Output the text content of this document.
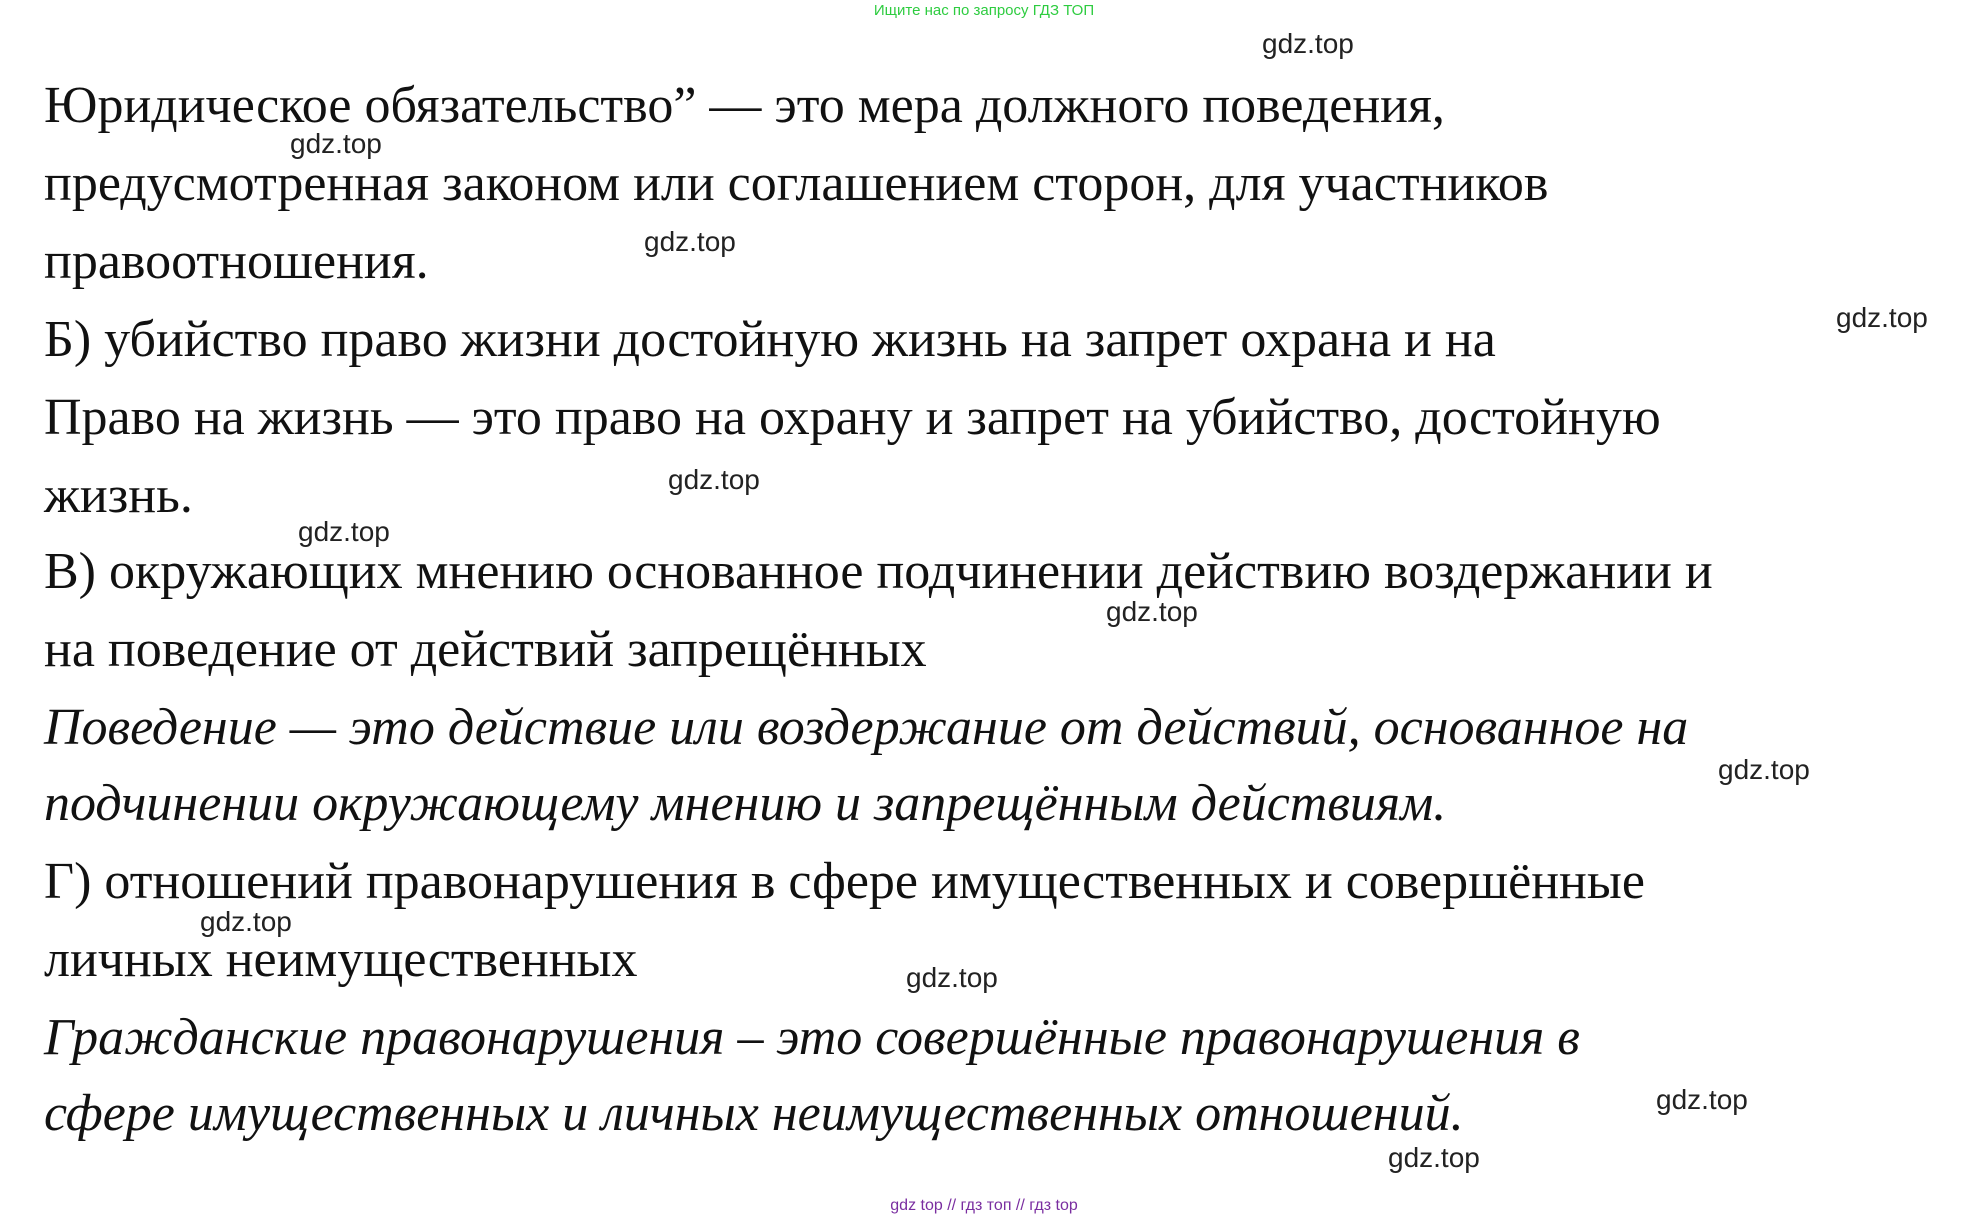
Ищите нас по запросу ГДЗ ТОП

Юридическое обязательство” — это мера должного поведения,

предусмотренная законом или соглашением сторон, для участников

правоотношения.

Б) убийство право жизни достойную жизнь на запрет охрана и на

Право на жизнь — это право на охрану и запрет на убийство, достойную

жизнь.

В) окружающих мнению основанное подчинении действию воздержании и

на поведение от действий запрещённых

Поведение — это действие или воздержание от действий, основанное на

подчинении окружающему мнению и запрещённым действиям.

Г) отношений правонарушения в сфере имущественных и совершённые

личных неимущественных

Гражданские правонарушения – это совершённые правонарушения в

сфере имущественных и личных неимущественных отношений.

gdz.top

gdz.top

gdz.top

gdz.top

gdz.top

gdz.top

gdz.top

gdz.top

gdz.top

gdz.top

gdz.top

gdz.top

gdz top // гдз топ // гдз top
